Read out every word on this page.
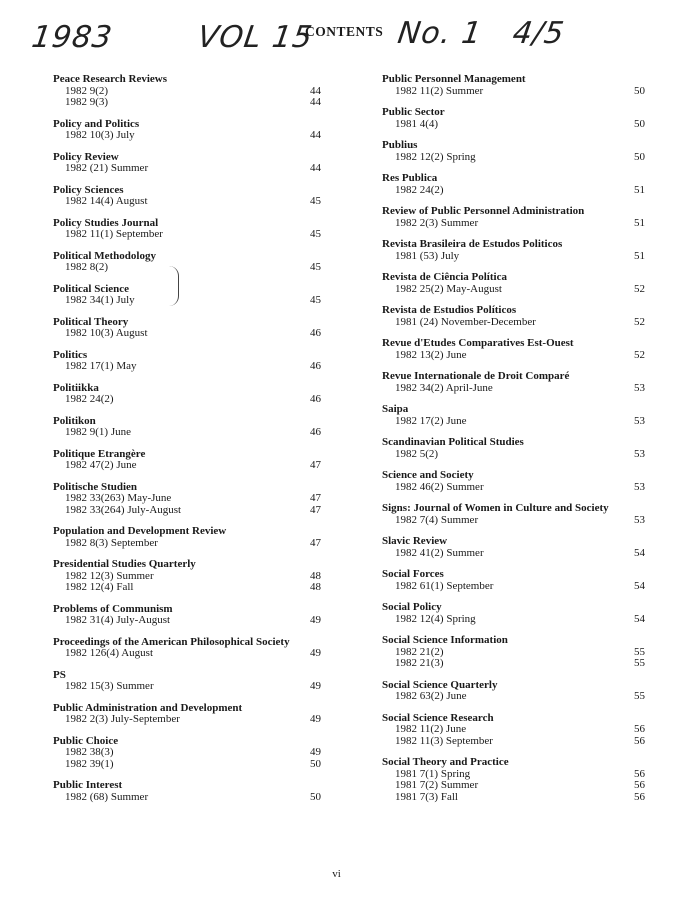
1983	VOL 15	No. 1 4/5
CONTENTS
Peace Research Reviews
1982 9(2)	44
1982 9(3)	44
Policy and Politics
1982 10(3) July	44
Policy Review
1982 (21) Summer	44
Policy Sciences
1982 14(4) August	45
Policy Studies Journal
1982 11(1) September	45
Political Methodology
1982 8(2)	45
Political Science
1982 34(1) July	45
Political Theory
1982 10(3) August	46
Politics
1982 17(1) May	46
Politiikka
1982 24(2)	46
Politikon
1982 9(1) June	46
Politique Etrangère
1982 47(2) June	47
Politische Studien
1982 33(263) May-June	47
1982 33(264) July-August	47
Population and Development Review
1982 8(3) September	47
Presidential Studies Quarterly
1982 12(3) Summer	48
1982 12(4) Fall	48
Problems of Communism
1982 31(4) July-August	49
Proceedings of the American Philosophical Society
1982 126(4) August	49
PS
1982 15(3) Summer	49
Public Administration and Development
1982 2(3) July-September	49
Public Choice
1982 38(3)	49
1982 39(1)	50
Public Interest
1982 (68) Summer	50
Public Personnel Management
1982 11(2) Summer	50
Public Sector
1981 4(4)	50
Publius
1982 12(2) Spring	50
Res Publica
1982 24(2)	51
Review of Public Personnel Administration
1982 2(3) Summer	51
Revista Brasileira de Estudos Politicos
1981 (53) July	51
Revista de Ciência Política
1982 25(2) May-August	52
Revista de Estudios Políticos
1981 (24) November-December	52
Revue d'Etudes Comparatives Est-Ouest
1982 13(2) June	52
Revue Internationale de Droit Comparé
1982 34(2) April-June	53
Saipa
1982 17(2) June	53
Scandinavian Political Studies
1982 5(2)	53
Science and Society
1982 46(2) Summer	53
Signs: Journal of Women in Culture and Society
1982 7(4) Summer	53
Slavic Review
1982 41(2) Summer	54
Social Forces
1982 61(1) September	54
Social Policy
1982 12(4) Spring	54
Social Science Information
1982 21(2)	55
1982 21(3)	55
Social Science Quarterly
1982 63(2) June	55
Social Science Research
1982 11(2) June	56
1982 11(3) September	56
Social Theory and Practice
1981 7(1) Spring	56
1981 7(2) Summer	56
1981 7(3) Fall	56
vi
